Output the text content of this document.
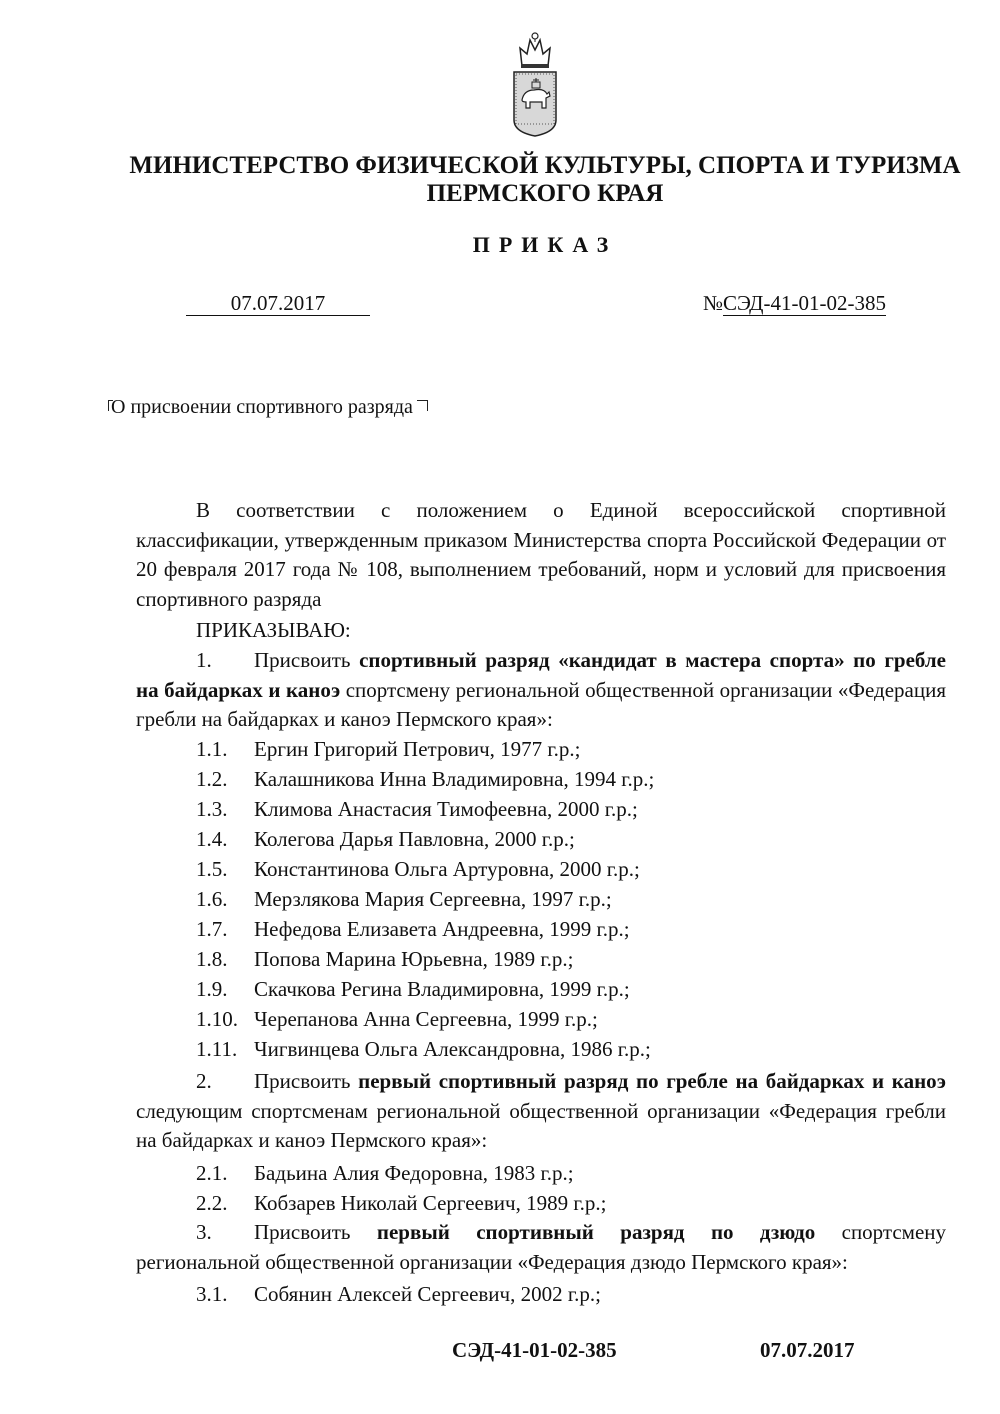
МИНИСТЕРСТВО ФИЗИЧЕСКОЙ КУЛЬТУРЫ, СПОРТА И ТУРИЗМА
ПЕРМСКОГО КРАЯ
ПРИКАЗ
07.07.2017	№СЭД-41-01-02-385
О присвоении спортивного разряда

В соответствии с положением о Единой всероссийской спортивной классификации, утвержденным приказом Министерства спорта Российской Федерации от 20 февраля 2017 года № 108, выполнением требований, норм и условий для присвоения спортивного разряда

ПРИКАЗЫВАЮ:

1. Присвоить спортивный разряд «кандидат в мастера спорта» по гребле на байдарках и каноэ спортсмену региональной общественной организации «Федерация гребли на байдарках и каноэ Пермского края»:

1.1. Ергин Григорий Петрович, 1977 г.р.;
1.2. Калашникова Инна Владимировна, 1994 г.р.;
1.3. Климова Анастасия Тимофеевна, 2000 г.р.;
1.4. Колегова Дарья Павловна, 2000 г.р.;
1.5. Константинова Ольга Артуровна, 2000 г.р.;
1.6. Мерзлякова Мария Сергеевна, 1997 г.р.;
1.7. Нефедова Елизавета Андреевна, 1999 г.р.;
1.8. Попова Марина Юрьевна, 1989 г.р.;
1.9. Скачкова Регина Владимировна, 1999 г.р.;
1.10. Черепанова Анна Сергеевна, 1999 г.р.;
1.11. Чигвинцева Ольга Александровна, 1986 г.р.;

2. Присвоить первый спортивный разряд по гребле на байдарках и каноэ следующим спортсменам региональной общественной организации «Федерация гребли на байдарках и каноэ Пермского края»:

2.1. Бадьина Алия Федоровна, 1983 г.р.;
2.2. Кобзарев Николай Сергеевич, 1989 г.р.;

3. Присвоить первый спортивный разряд по дзюдо спортсмену региональной общественной организации «Федерация дзюдо Пермского края»:

3.1. Собянин Алексей Сергеевич, 2002 г.р.;
СЭД-41-01-02-385	07.07.2017
